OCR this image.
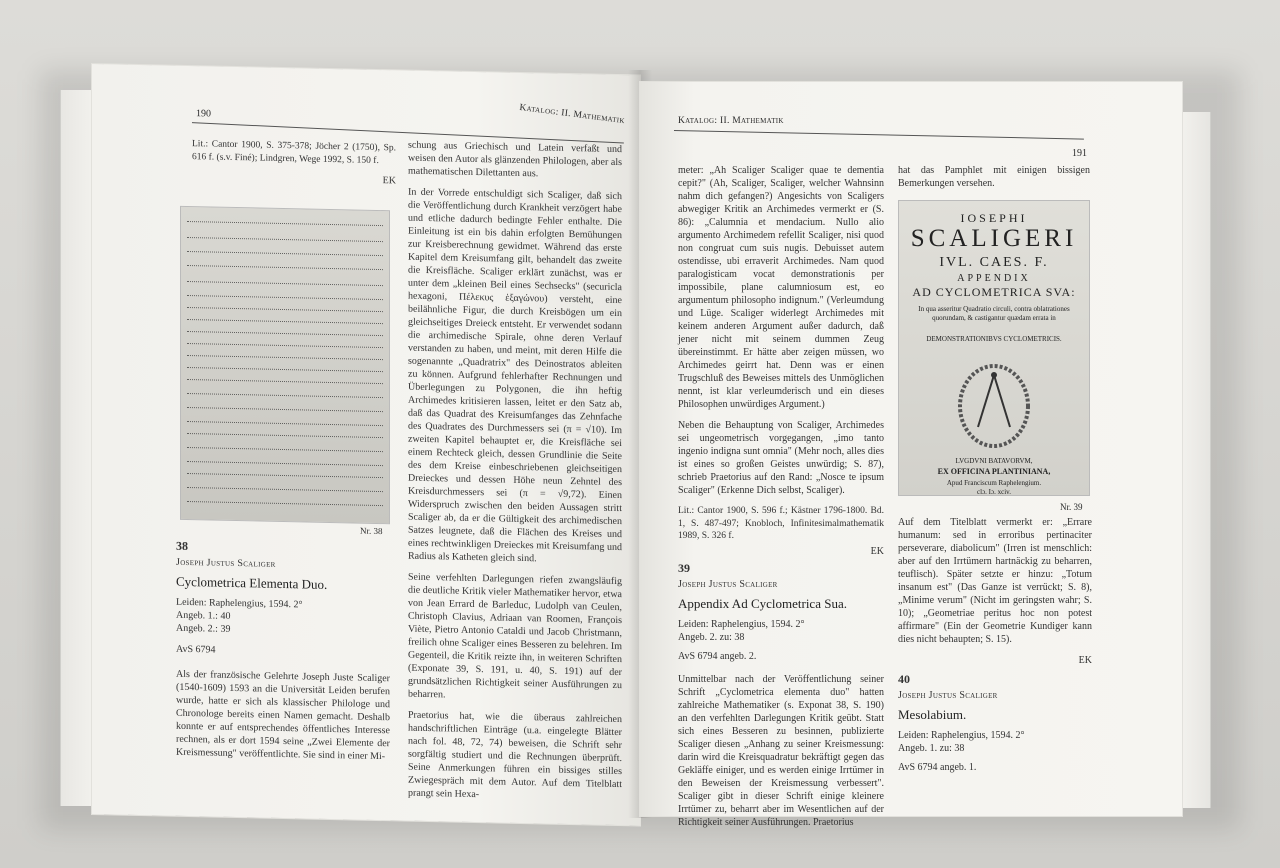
190	Katalog: II. Mathematik

Lit.: Cantor 1900, S. 375-378; Jöcher 2 (1750), Sp. 616 f. (s.v. Finé); Lindgren, Wege 1992, S. 150 f.

EK
Nr. 38
38
Joseph Justus Scaliger
Cyclometrica Elementa Duo.
Leiden: Raphelengius, 1594. 2°
Angeb. 1.: 40
Angeb. 2.: 39
AvS 6794

Als der französische Gelehrte Joseph Juste Scaliger (1540-1609) 1593 an die Universität Leiden berufen wurde, hatte er sich als klassischer Philologe und Chronologe bereits einen Namen gemacht. Deshalb konnte er auf entsprechendes öffentliches Interesse rechnen, als er dort 1594 seine „Zwei Elemente der Kreismessung" veröffentlichte. Sie sind in einer Mi-

schung aus Griechisch und Latein verfaßt und weisen den Autor als glänzenden Philologen, aber als mathematischen Dilettanten aus.

In der Vorrede entschuldigt sich Scaliger, daß sich die Veröffentlichung durch Krankheit verzögert habe und etliche dadurch bedingte Fehler enthalte. Die Einleitung ist ein bis dahin erfolgten Bemühungen zur Kreisberechnung gewidmet. Während das erste Kapitel dem Kreisumfang gilt, behandelt das zweite die Kreisfläche. Scaliger erklärt zunächst, was er unter dem „kleinen Beil eines Sechsecks" (securicla hexagoni, Πέλεκυς ἑξαγώνου) versteht, eine beilähnliche Figur, die durch Kreisbögen um ein gleichseitiges Dreieck entsteht. Er verwendet sodann die archimedische Spirale, ohne deren Verlauf verstanden zu haben, und meint, mit deren Hilfe die sogenannte „Quadratrix" des Deinostratos ableiten zu können. Aufgrund fehlerhafter Rechnungen und Überlegungen zu Polygonen, die ihn heftig Archimedes kritisieren lassen, leitet er den Satz ab, daß das Quadrat des Kreisumfanges das Zehnfache des Quadrates des Durchmessers sei (π = √10). Im zweiten Kapitel behauptet er, die Kreisfläche sei einem Rechteck gleich, dessen Grundlinie die Seite des dem Kreise einbeschriebenen gleichseitigen Dreieckes und dessen Höhe neun Zehntel des Kreisdurchmessers sei (π = √9,72). Einen Widerspruch zwischen den beiden Aussagen stritt Scaliger ab, da er die Gültigkeit des archimedischen Satzes leugnete, daß die Flächen des Kreises und eines rechtwinkligen Dreieckes mit Kreisumfang und Radius als Katheten gleich sind.

Seine verfehlten Darlegungen riefen zwangsläufig die deutliche Kritik vieler Mathematiker hervor, etwa von Jean Errard de Barleduc, Ludolph van Ceulen, Christoph Clavius, Adriaan van Roomen, François Viète, Pietro Antonio Cataldi und Jacob Christmann, freilich ohne Scaliger eines Besseren zu belehren. Im Gegenteil, die Kritik reizte ihn, in weiteren Schriften (Exponate 39, S. 191, u. 40, S. 191) auf der grundsätzlichen Richtigkeit seiner Ausführungen zu beharren.

Praetorius hat, wie die überaus zahlreichen handschriftlichen Einträge (u.a. eingelegte Blätter nach fol. 48, 72, 74) beweisen, die Schrift sehr sorgfältig studiert und die Rechnungen überprüft. Seine Anmerkungen führen ein bissiges stilles Zwiegespräch mit dem Autor. Auf dem Titelblatt prangt sein Hexa-

Katalog: II. Mathematik
191

meter: „Ah Scaliger Scaliger quae te dementia cepit?" (Ah, Scaliger, Scaliger, welcher Wahnsinn nahm dich gefangen?) Angesichts von Scaligers abwegiger Kritik an Archimedes vermerkt er (S. 86): „Calumnia et mendacium. Nullo alio argumento Archimedem refellit Scaliger, nisi quod non congruat cum suis nugis. Debuisset autem ostendisse, ubi erraverit Archimedes. Nam quod paralogisticam vocat demonstrationis per impossibile, plane calumniosum est, eo argumentum philosopho indignum." (Verleumdung und Lüge. Scaliger widerlegt Archimedes mit keinem anderen Argument außer dadurch, daß jener nicht mit seinem dummen Zeug übereinstimmt. Er hätte aber zeigen müssen, wo Archimedes geirrt hat. Denn was er einen Trugschluß des Beweises mittels des Unmöglichen nennt, ist klar verleumderisch und ein dieses Philosophen unwürdiges Argument.)

Neben die Behauptung von Scaliger, Archimedes sei ungeometrisch vorgegangen, „imo tanto ingenio indigna sunt omnia" (Mehr noch, alles dies ist eines so großen Geistes unwürdig; S. 87), schrieb Praetorius auf den Rand: „Nosce te ipsum Scaliger" (Erkenne Dich selbst, Scaliger).

Lit.: Cantor 1900, S. 596 f.; Kästner 1796-1800. Bd. 1, S. 487-497; Knobloch, Infinitesimalmathematik 1989, S. 326 f.

EK
39
Joseph Justus Scaliger
Appendix Ad Cyclometrica Sua.
Leiden: Raphelengius, 1594. 2°
Angeb. 2. zu: 38
AvS 6794 angeb. 2.

Unmittelbar nach der Veröffentlichung seiner Schrift „Cyclometrica elementa duo" hatten zahlreiche Mathematiker (s. Exponat 38, S. 190) an den verfehlten Darlegungen Kritik geübt. Statt sich eines Besseren zu besinnen, publizierte Scaliger diesen „Anhang zu seiner Kreismessung: darin wird die Kreisquadratur bekräftigt gegen das Gekläffe einiger, und es werden einige Irrtümer in den Beweisen der Kreismessung verbessert". Scaliger gibt in dieser Schrift einige kleinere Irrtümer zu, beharrt aber im Wesentlichen auf der Richtigkeit seiner Ausführungen. Praetorius

hat das Pamphlet mit einigen bissigen Bemerkungen versehen.

IOSEPHI
SCALIGERI
IVL. CAES. F.
APPENDIX
AD CYCLOMETRICA SVA:
In qua asseritur Quadratio circuli, contra oblatrationes quorundam, & castigantur quædam errata in
DEMONSTRATIONIBVS CYCLOMETRICIS.
LVGDVNI BATAVORVM,
EX OFFICINA PLANTINIANA,
Apud Franciscum Raphelengium.
clɔ. Iɔ. xciv.
Nr. 39

Auf dem Titelblatt vermerkt er: „Errare humanum: sed in erroribus pertinaciter perseverare, diabolicum" (Irren ist menschlich: aber auf den Irrtümern hartnäckig zu beharren, teuflisch). Später setzte er hinzu: „Totum insanum est" (Das Ganze ist verrückt; S. 8), „Minime verum" (Nicht im geringsten wahr; S. 10); „Geometriae peritus hoc non potest affirmare" (Ein der Geometrie Kundiger kann dies nicht behaupten; S. 15).

EK
40
Joseph Justus Scaliger
Mesolabium.
Leiden: Raphelengius, 1594. 2°
Angeb. 1. zu: 38
AvS 6794 angeb. 1.
